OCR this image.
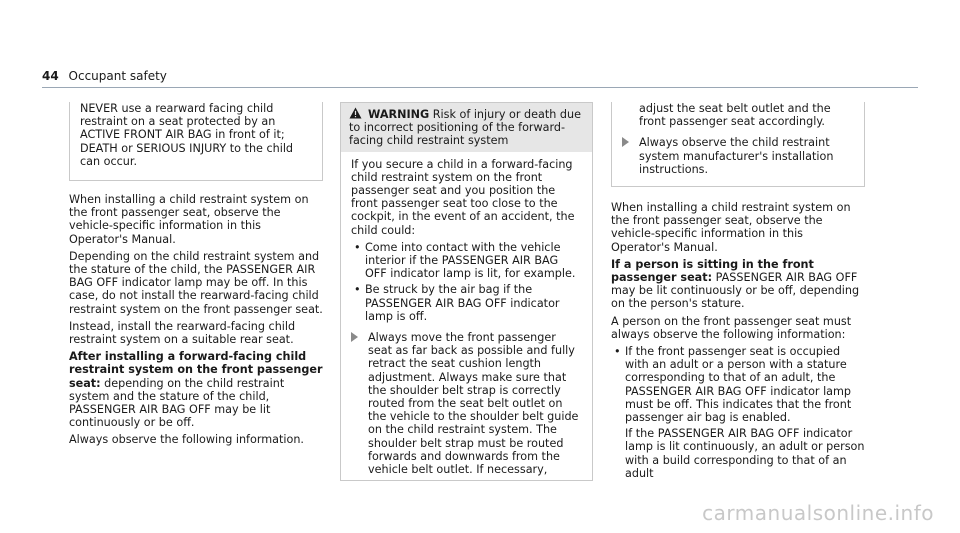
44 Occupant safety

NEVER use a rearward facing child restraint on a seat protected by an ACTIVE FRONT AIR BAG in front of it; DEATH or SERIOUS INJURY to the child can occur.

When installing a child restraint system on the front passenger seat, observe the vehicle-specific information in this Operator's Manual.

Depending on the child restraint system and the stature of the child, the PASSENGER AIR BAG OFF indicator lamp may be off. In this case, do not install the rearward-facing child restraint system on the front passenger seat.

Instead, install the rearward-facing child restraint system on a suitable rear seat.

After installing a forward-facing child restraint system on the front passenger seat: depending on the child restraint system and the stature of the child, PASSENGER AIR BAG OFF may be lit continuously or be off.

Always observe the following information.

WARNING Risk of injury or death due to incorrect positioning of the forward-facing child restraint system

If you secure a child in a forward-facing child restraint system on the front passenger seat and you position the front passenger seat too close to the cockpit, in the event of an accident, the child could:

• Come into contact with the vehicle interior if the PASSENGER AIR BAG OFF indicator lamp is lit, for example.
• Be struck by the air bag if the PASSENGER AIR BAG OFF indicator lamp is off.
Always move the front passenger seat as far back as possible and fully retract the seat cushion length adjustment. Always make sure that the shoulder belt strap is correctly routed from the seat belt outlet on the vehicle to the shoulder belt guide on the child restraint system. The shoulder belt strap must be routed forwards and downwards from the vehicle belt outlet. If necessary,
adjust the seat belt outlet and the front passenger seat accordingly.
Always observe the child restraint system manufacturer's installation instructions.

When installing a child restraint system on the front passenger seat, observe the vehicle-specific information in this Operator's Manual.

If a person is sitting in the front passenger seat: PASSENGER AIR BAG OFF may be lit continuously or be off, depending on the person's stature.

A person on the front passenger seat must always observe the following information:

• If the front passenger seat is occupied with an adult or a person with a stature corresponding to that of an adult, the PASSENGER AIR BAG OFF indicator lamp must be off. This indicates that the front passenger air bag is enabled.
If the PASSENGER AIR BAG OFF indicator lamp is lit continuously, an adult or person with a build corresponding to that of an adult
carmanualsonline.info
